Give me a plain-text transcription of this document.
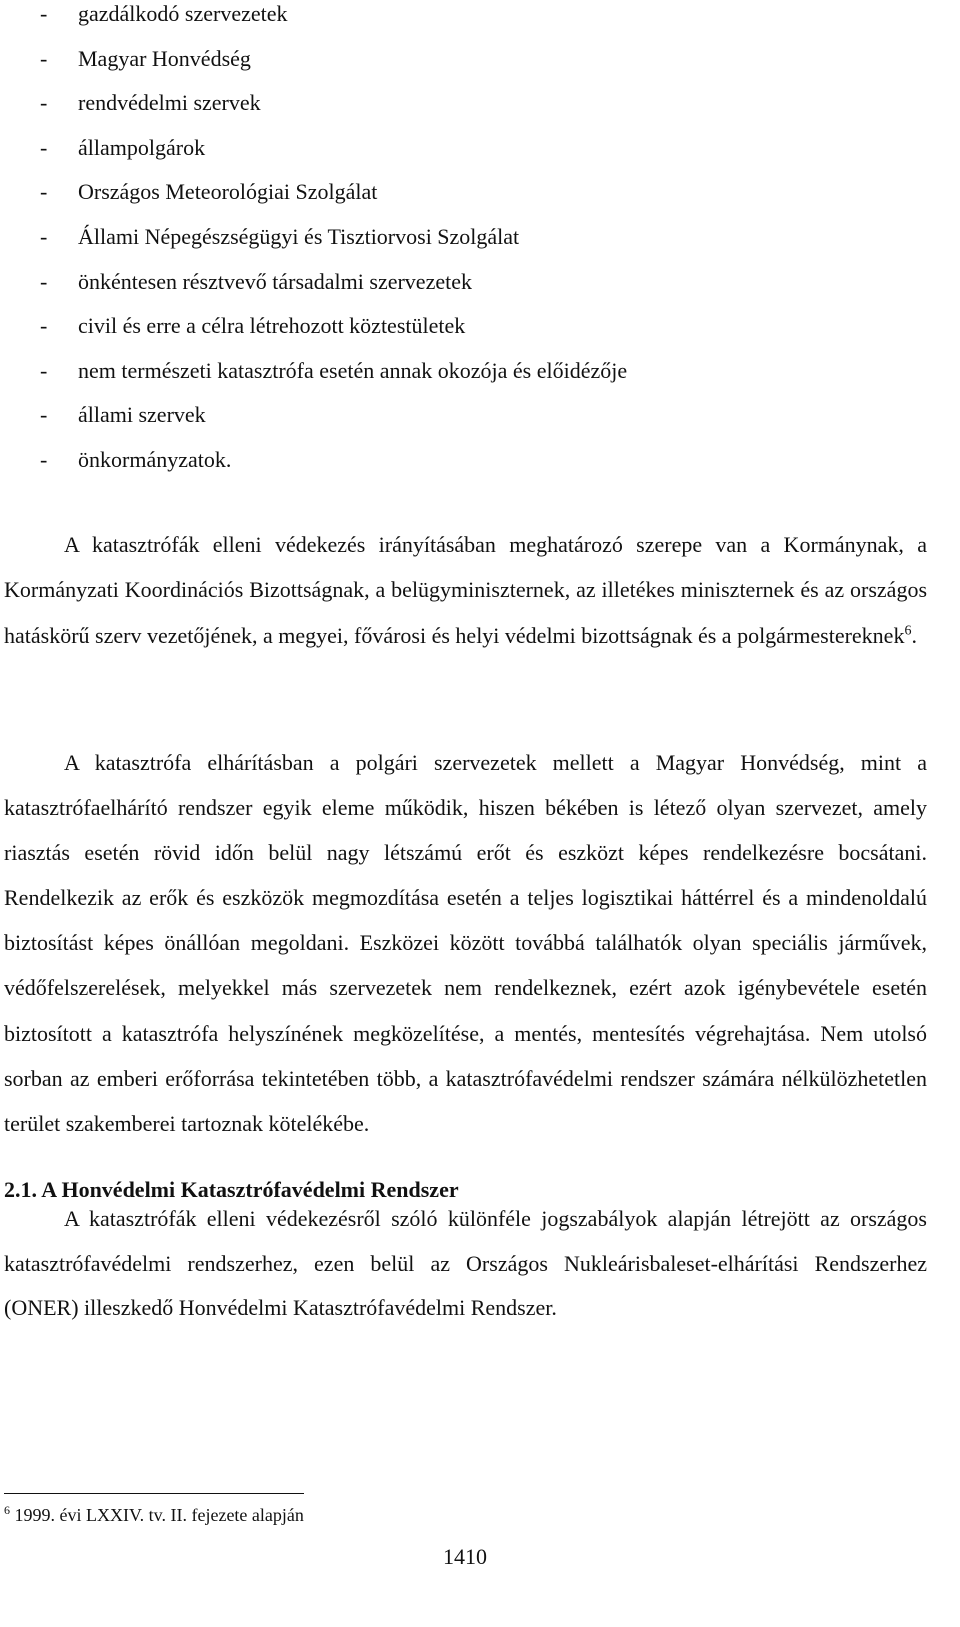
- gazdálkodó szervezetek
- Magyar Honvédség
- rendvédelmi szervek
- állampolgárok
- Országos Meteorológiai Szolgálat
- Állami Népegészségügyi és Tisztiorvosi Szolgálat
- önkéntesen résztvevő társadalmi szervezetek
- civil és erre a célra létrehozott köztestületek
- nem természeti katasztrófa esetén annak okozója és előidézője
- állami szervek
- önkormányzatok.

A katasztrófák elleni védekezés irányításában meghatározó szerepe van a Kormánynak, a Kormányzati Koordinációs Bizottságnak, a belügyminiszternek, az illetékes miniszternek és az országos hatáskörű szerv vezetőjének, a megyei, fővárosi és helyi védelmi bizottságnak és a polgármestereknek$^6$.

A katasztrófa elhárításban a polgári szervezetek mellett a Magyar Honvédség, mint a katasztrófaelhárító rendszer egyik eleme működik, hiszen békében is létező olyan szervezet, amely riasztás esetén rövid időn belül nagy létszámú erőt és eszközt képes rendelkezésre bocsátani. Rendelkezik az erők és eszközök megmozdítása esetén a teljes logisztikai háttérrel és a mindenoldalú biztosítást képes önállóan megoldani. Eszközei között továbbá találhatók olyan speciális járművek, védőfelszerelések, melyekkel más szervezetek nem rendelkeznek, ezért azok igénybevétele esetén biztosított a katasztrófa helyszínének megközelítése, a mentés, mentesítés végrehajtása. Nem utolsó sorban az emberi erőforrása tekintetében több, a katasztrófavédelmi rendszer számára nélkülözhetetlen terület szakemberei tartoznak kötelékébe.

2.1. A Honvédelmi Katasztrófavédelmi Rendszer

A katasztrófák elleni védekezésről szóló különféle jogszabályok alapján létrejött az országos katasztrófavédelmi rendszerhez, ezen belül az Országos Nukleárisbaleset-elhárítási Rendszerhez (ONER) illeszkedő Honvédelmi Katasztrófavédelmi Rendszer.

$^6$ 1999. évi LXXIV. tv. II. fejezete alapján
1410
